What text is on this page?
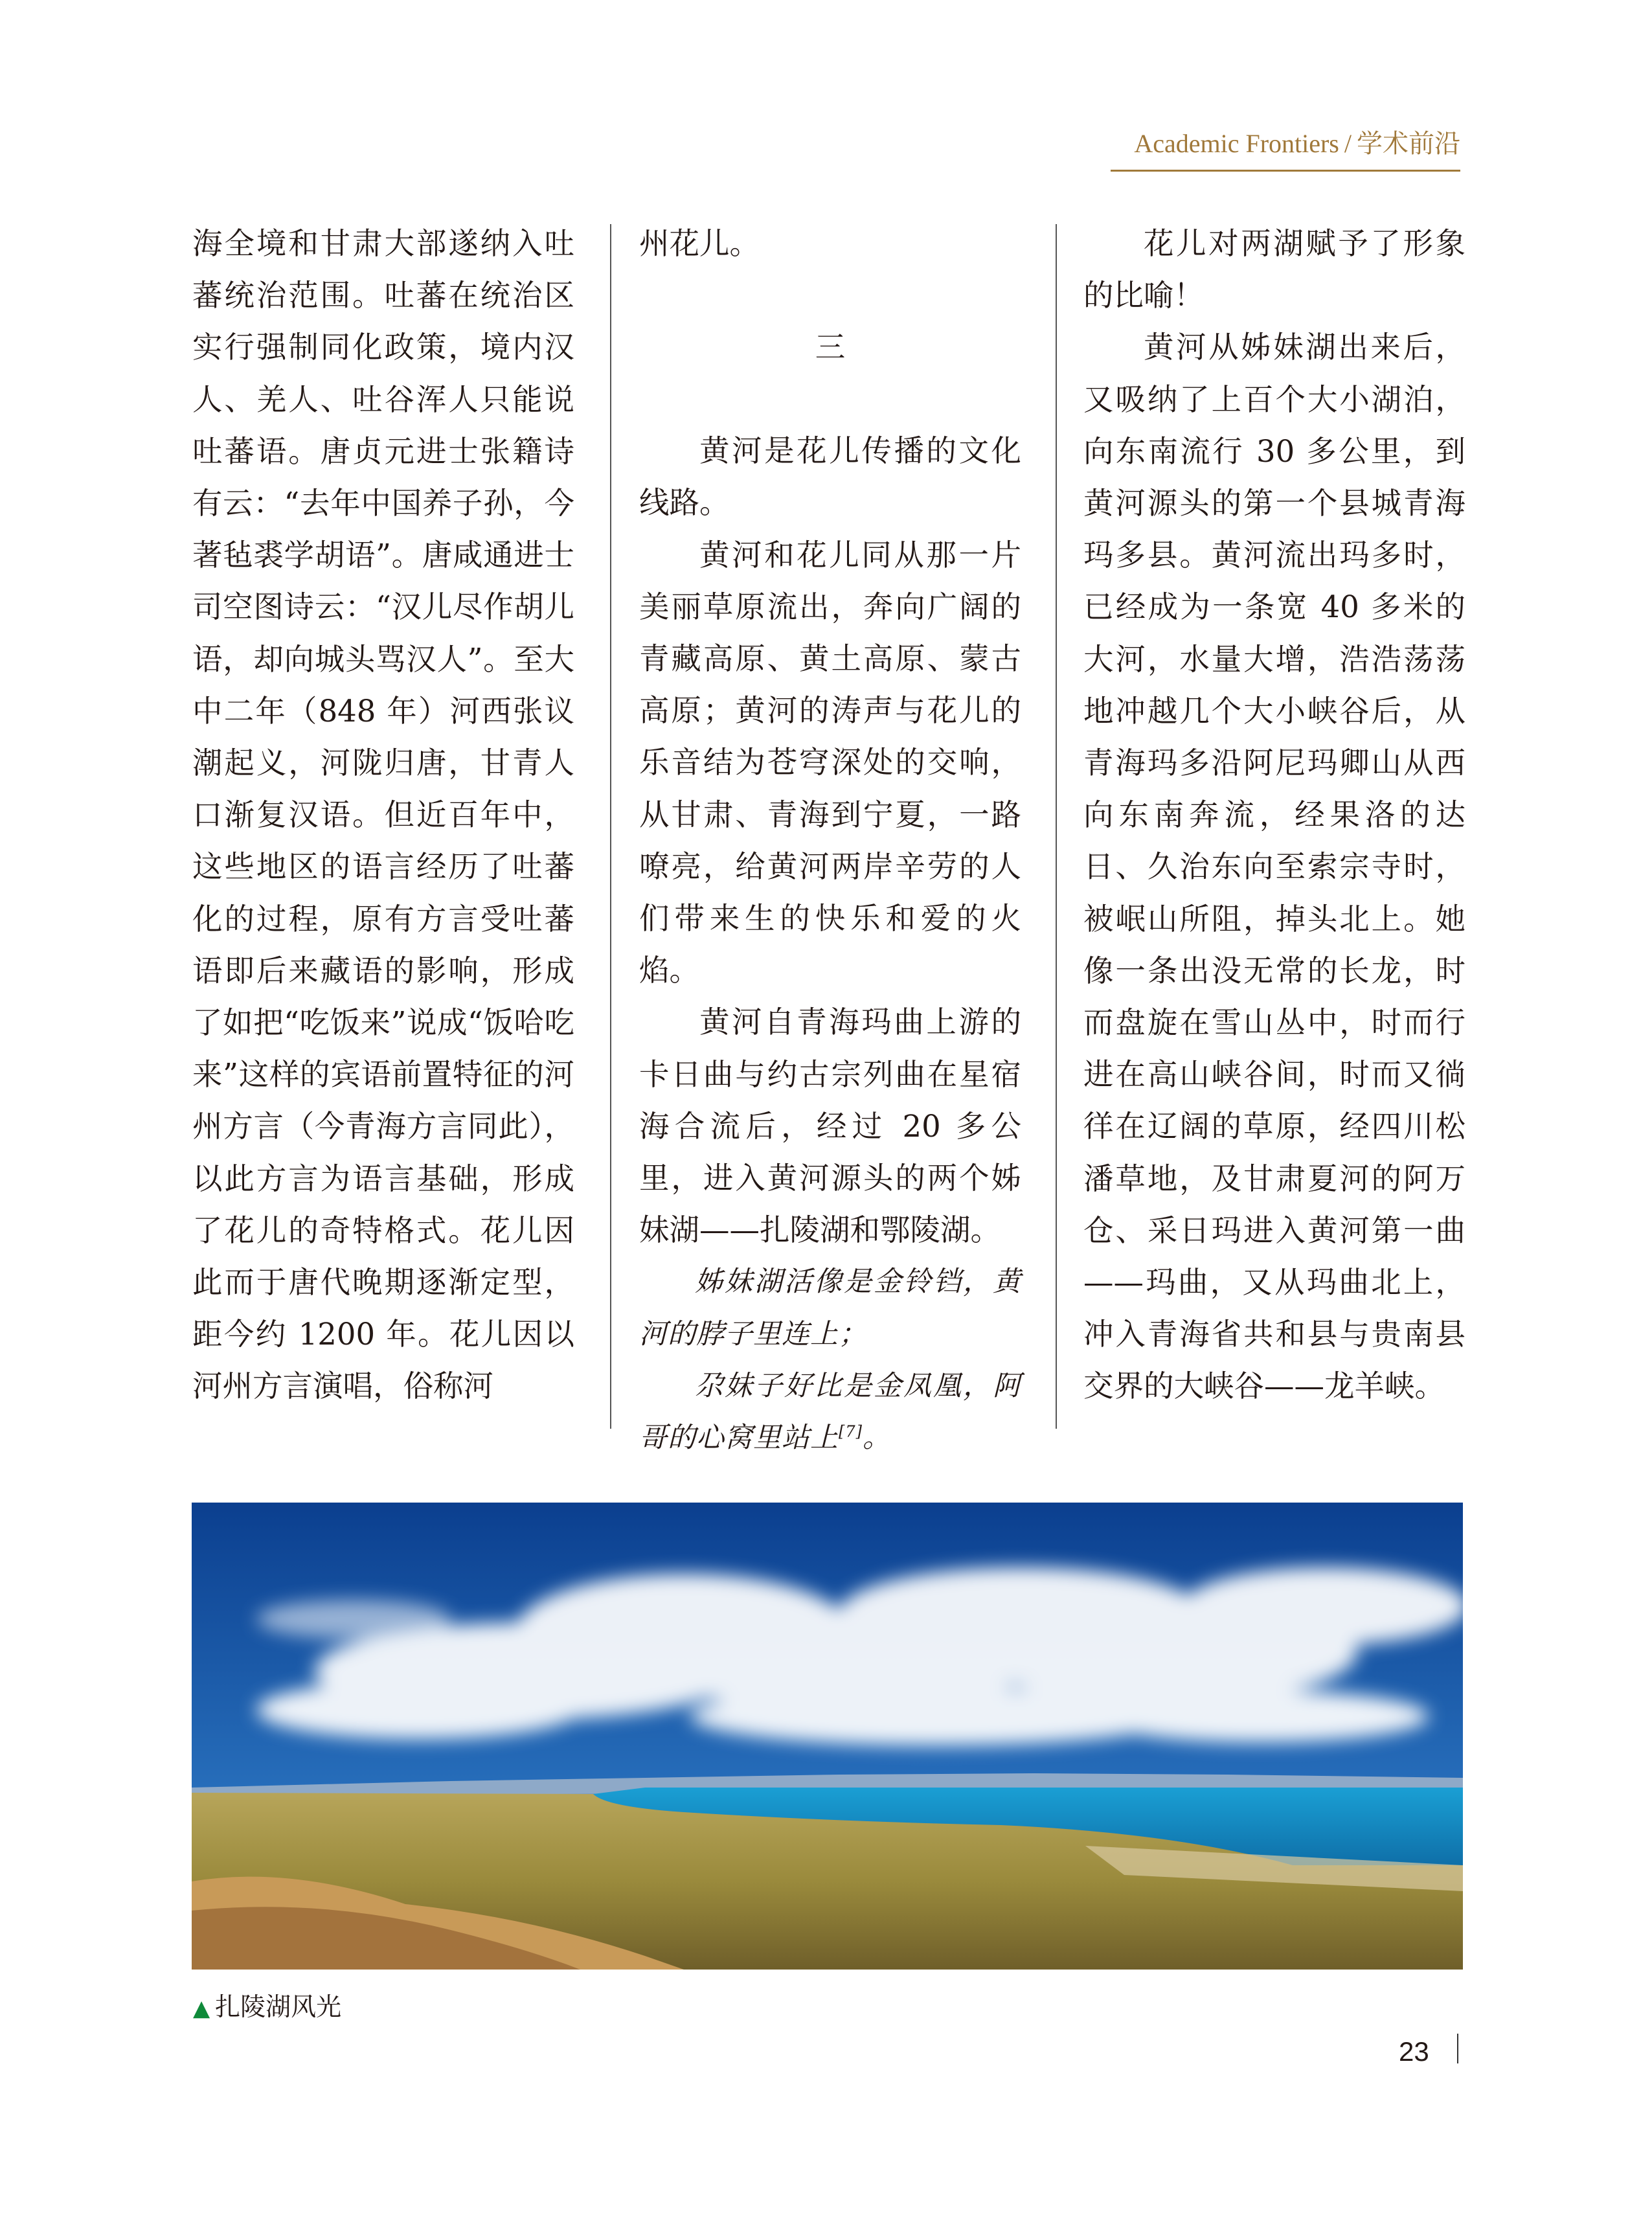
Academic Frontiers / 学术前沿

海全境和甘肃大部遂纳入吐蕃统治范围。吐蕃在统治区实行强制同化政策，境内汉人、羌人、吐谷浑人只能说吐蕃语。唐贞元进士张籍诗有云：“去年中国养子孙，今著毡裘学胡语”。唐咸通进士司空图诗云：“汉儿尽作胡儿语，却向城头骂汉人”。至大中二年（848 年）河西张议潮起义，河陇归唐，甘青人口渐复汉语。但近百年中，这些地区的语言经历了吐蕃化的过程，原有方言受吐蕃语即后来藏语的影响，形成了如把“吃饭来”说成“饭哈吃来”这样的宾语前置特征的河州方言（今青海方言同此），以此方言为语言基础，形成了花儿的奇特格式。花儿因此而于唐代晚期逐渐定型，距今约 1200 年。花儿因以河州方言演唱，俗称河

州花儿。

三

黄河是花儿传播的文化线路。

黄河和花儿同从那一片美丽草原流出，奔向广阔的青藏高原、黄土高原、蒙古高原；黄河的涛声与花儿的乐音结为苍穹深处的交响，从甘肃、青海到宁夏，一路嘹亮，给黄河两岸辛劳的人们带来生的快乐和爱的火焰。

黄河自青海玛曲上游的卡日曲与约古宗列曲在星宿海合流后，经过 20 多公里，进入黄河源头的两个姊妹湖——扎陵湖和鄂陵湖。

姊妹湖活像是金铃铛，黄河的脖子里连上；

尕妹子好比是金凤凰，阿哥的心窝里站上[7]。

花儿对两湖赋予了形象的比喻！

黄河从姊妹湖出来后，又吸纳了上百个大小湖泊，向东南流行 30 多公里，到黄河源头的第一个县城青海玛多县。黄河流出玛多时，已经成为一条宽 40 多米的大河，水量大增，浩浩荡荡地冲越几个大小峡谷后，从青海玛多沿阿尼玛卿山从西向东南奔流，经果洛的达日、久治东向至索宗寺时，被岷山所阻，掉头北上。她像一条出没无常的长龙，时而盘旋在雪山丛中，时而行进在高山峡谷间，时而又徜徉在辽阔的草原，经四川松潘草地，及甘肃夏河的阿万仓、采日玛进入黄河第一曲——玛曲，又从玛曲北上，冲入青海省共和县与贵南县交界的大峡谷——龙羊峡。

▲ 扎陵湖风光
23
